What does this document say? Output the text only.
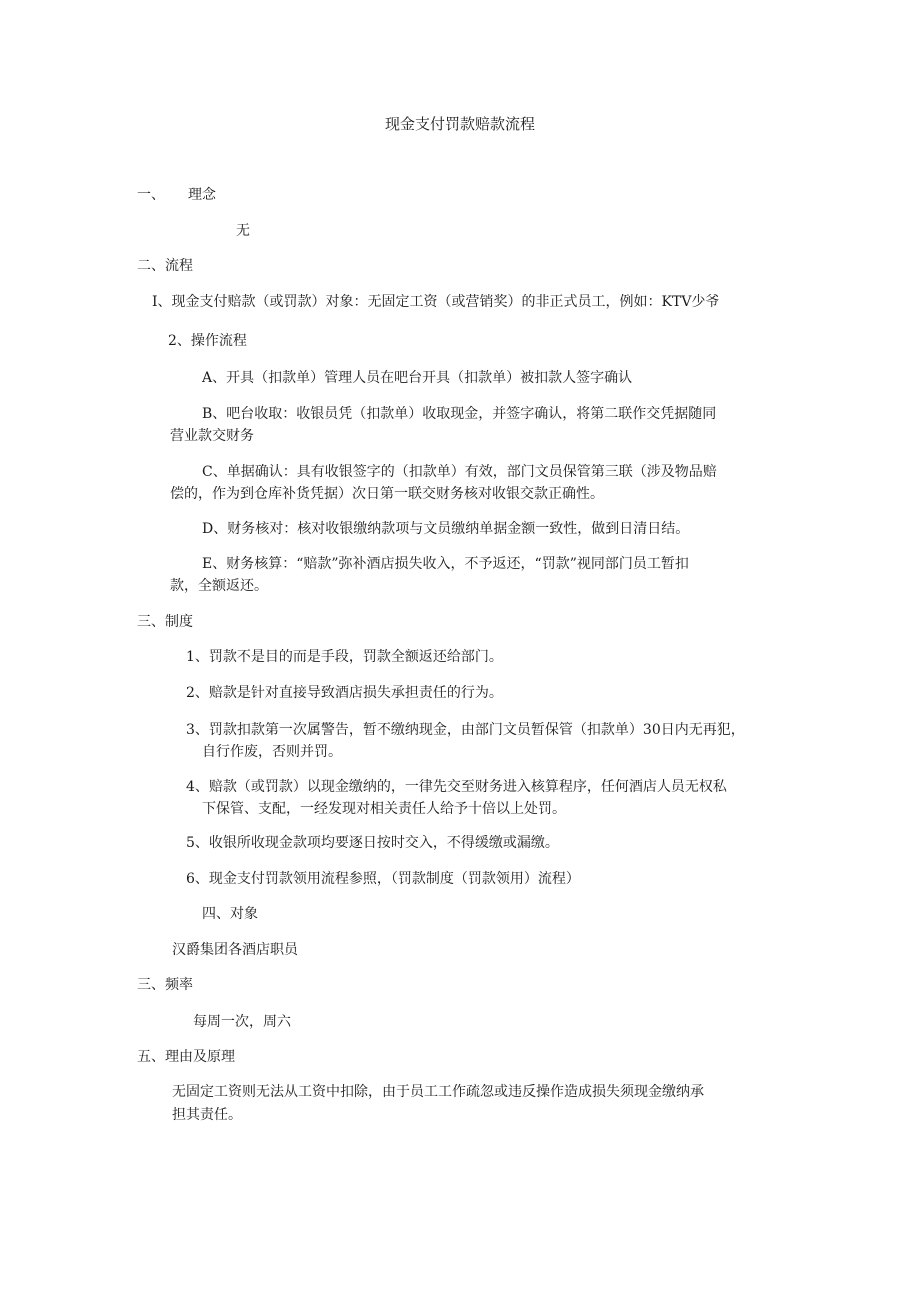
现金支付罚款赔款流程
一、 理念
无
二、流程
I、现金支付赔款（或罚款）对象：无固定工资（或营销奖）的非正式员工，例如：KTV少爷
2、操作流程
A、开具（扣款单）管理人员在吧台开具（扣款单）被扣款人签字确认
B、吧台收取：收银员凭（扣款单）收取现金，并签字确认，将第二联作交凭据随同
营业款交财务
C、单据确认：具有收银签字的（扣款单）有效，部门文员保管第三联（涉及物品赔
偿的，作为到仓库补货凭据）次日第一联交财务核对收银交款正确性。
D、财务核对：核对收银缴纳款项与文员缴纳单据金额一致性，做到日清日结。
E、财务核算：“赔款”弥补酒店损失收入，不予返还，“罚款”视同部门员工暂扣
款，全额返还。
三、制度
1、罚款不是目的而是手段，罚款全额返还给部门。
2、赔款是针对直接导致酒店损失承担责任的行为。
3、罚款扣款第一次属警告，暂不缴纳现金，由部门文员暂保管（扣款单）30日内无再犯，
自行作废，否则并罚。
4、赔款（或罚款）以现金缴纳的，一律先交至财务进入核算程序，任何酒店人员无权私
下保管、支配，一经发现对相关责任人给予十倍以上处罚。
5、收银所收现金款项均要逐日按时交入，不得缓缴或漏缴。
6、现金支付罚款领用流程参照，（罚款制度（罚款领用）流程）
四、对象
汉爵集团各酒店职员
三、频率
每周一次，周六
五、理由及原理
无固定工资则无法从工资中扣除，由于员工工作疏忽或违反操作造成损失须现金缴纳承
担其责任。
